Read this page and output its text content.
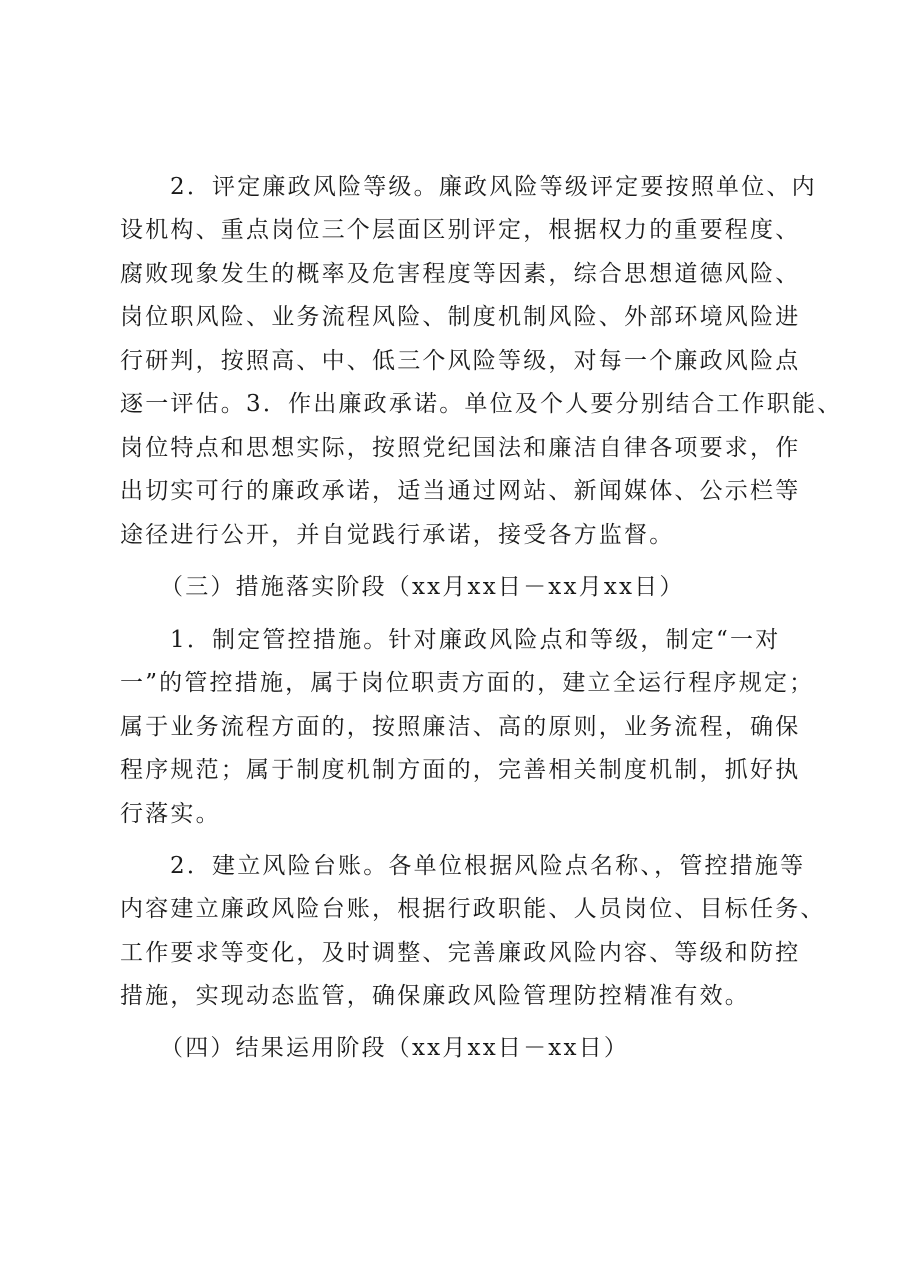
2．评定廉政风险等级。廉政风险等级评定要按照单位、内
设机构、重点岗位三个层面区别评定，根据权力的重要程度、
腐败现象发生的概率及危害程度等因素，综合思想道德风险、
岗位职风险、业务流程风险、制度机制风险、外部环境风险进
行研判，按照高、中、低三个风险等级，对每一个廉政风险点
逐一评估。3．作出廉政承诺。单位及个人要分别结合工作职能、
岗位特点和思想实际，按照党纪国法和廉洁自律各项要求，作
出切实可行的廉政承诺，适当通过网站、新闻媒体、公示栏等
途径进行公开，并自觉践行承诺，接受各方监督。
（三）措施落实阶段（xx月xx日－xx月xx日）
1．制定管控措施。针对廉政风险点和等级，制定“一对
一”的管控措施，属于岗位职责方面的，建立全运行程序规定；
属于业务流程方面的，按照廉洁、高的原则，业务流程，确保
程序规范；属于制度机制方面的，完善相关制度机制，抓好执
行落实。
2．建立风险台账。各单位根据风险点名称、，管控措施等
内容建立廉政风险台账，根据行政职能、人员岗位、目标任务、
工作要求等变化，及时调整、完善廉政风险内容、等级和防控
措施，实现动态监管，确保廉政风险管理防控精准有效。
（四）结果运用阶段（xx月xx日－xx日）
